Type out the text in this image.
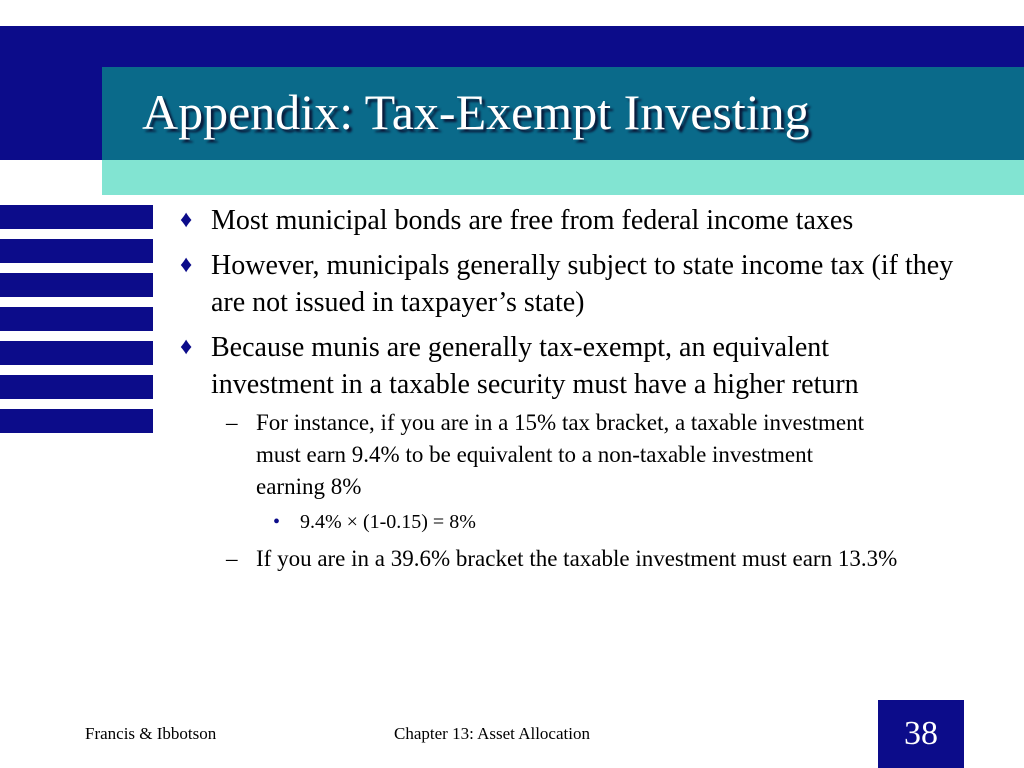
Appendix: Tax-Exempt Investing
♦ Most municipal bonds are free from federal income taxes
♦ However, municipals generally subject to state income tax (if they are not issued in taxpayer’s state)
♦ Because munis are generally tax-exempt, an equivalent investment in a taxable security must have a higher return
– For instance, if you are in a 15% tax bracket, a taxable investment must earn 9.4% to be equivalent to a non-taxable investment earning 8%
• 9.4% × (1-0.15) = 8%
– If you are in a 39.6% bracket the taxable investment must earn 13.3%
Francis & Ibbotson	Chapter 13: Asset Allocation	38
